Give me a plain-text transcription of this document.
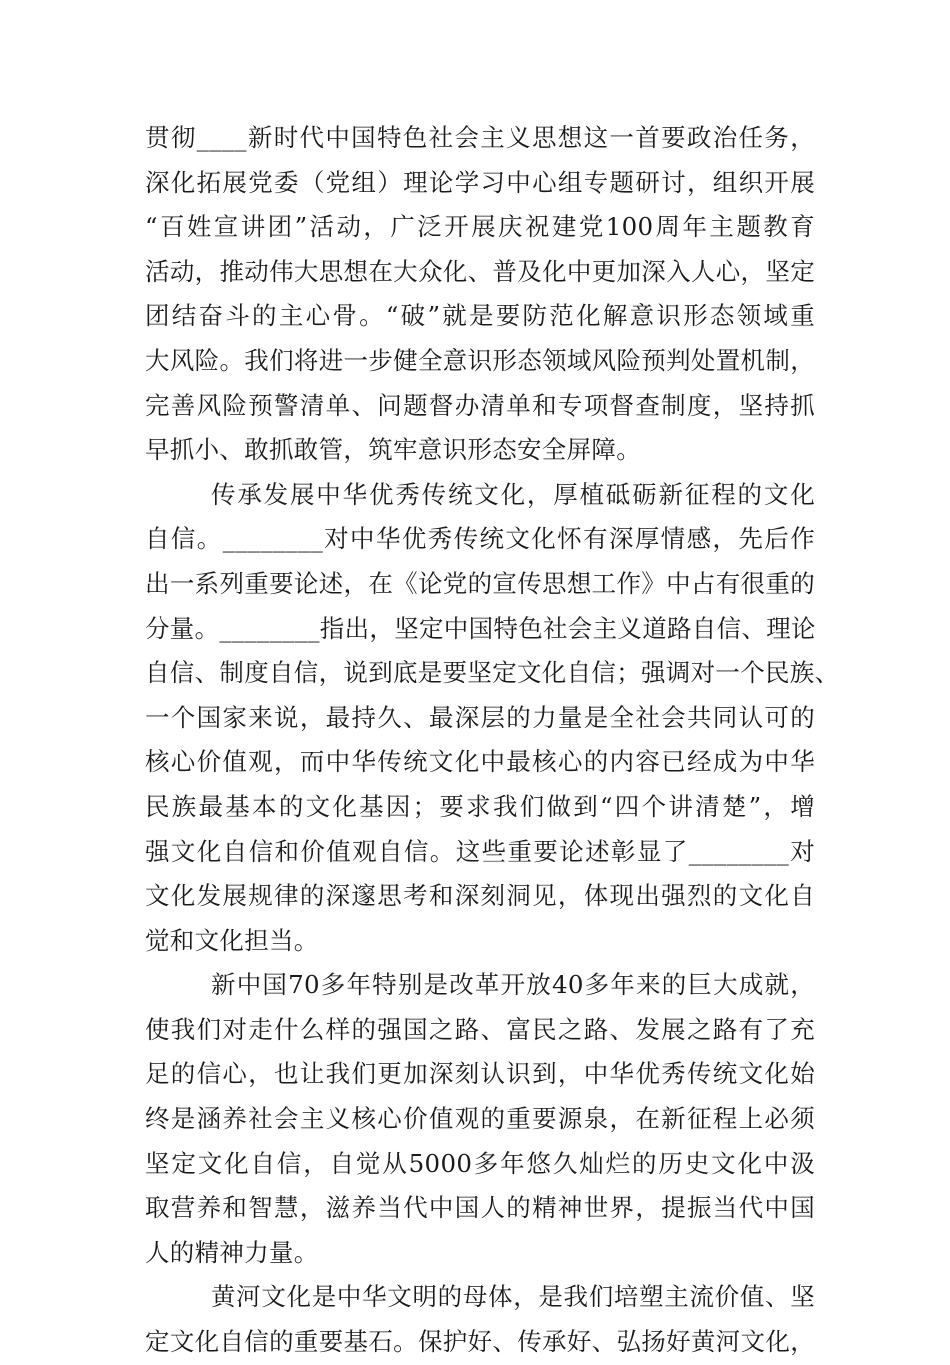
贯彻____新时代中国特色社会主义思想这一首要政治任务，
深化拓展党委（党组）理论学习中心组专题研讨，组织开展
“百姓宣讲团”活动，广泛开展庆祝建党100周年主题教育
活动，推动伟大思想在大众化、普及化中更加深入人心，坚定
团结奋斗的主心骨。“破”就是要防范化解意识形态领域重
大风险。我们将进一步健全意识形态领域风险预判处置机制，
完善风险预警清单、问题督办清单和专项督查制度，坚持抓
早抓小、敢抓敢管，筑牢意识形态安全屏障。
传承发展中华优秀传统文化，厚植砥砺新征程的文化
自信。________对中华优秀传统文化怀有深厚情感，先后作
出一系列重要论述，在《论党的宣传思想工作》中占有很重的
分量。________指出，坚定中国特色社会主义道路自信、理论
自信、制度自信，说到底是要坚定文化自信；强调对一个民族、
一个国家来说，最持久、最深层的力量是全社会共同认可的
核心价值观，而中华传统文化中最核心的内容已经成为中华
民族最基本的文化基因；要求我们做到“四个讲清楚”，增
强文化自信和价值观自信。这些重要论述彰显了________对
文化发展规律的深邃思考和深刻洞见，体现出强烈的文化自
觉和文化担当。
新中国70多年特别是改革开放40多年来的巨大成就，
使我们对走什么样的强国之路、富民之路、发展之路有了充
足的信心，也让我们更加深刻认识到，中华优秀传统文化始
终是涵养社会主义核心价值观的重要源泉，在新征程上必须
坚定文化自信，自觉从5000多年悠久灿烂的历史文化中汲
取营养和智慧，滋养当代中国人的精神世界，提振当代中国
人的精神力量。
黄河文化是中华文明的母体，是我们培塑主流价值、坚
定文化自信的重要基石。保护好、传承好、弘扬好黄河文化，
